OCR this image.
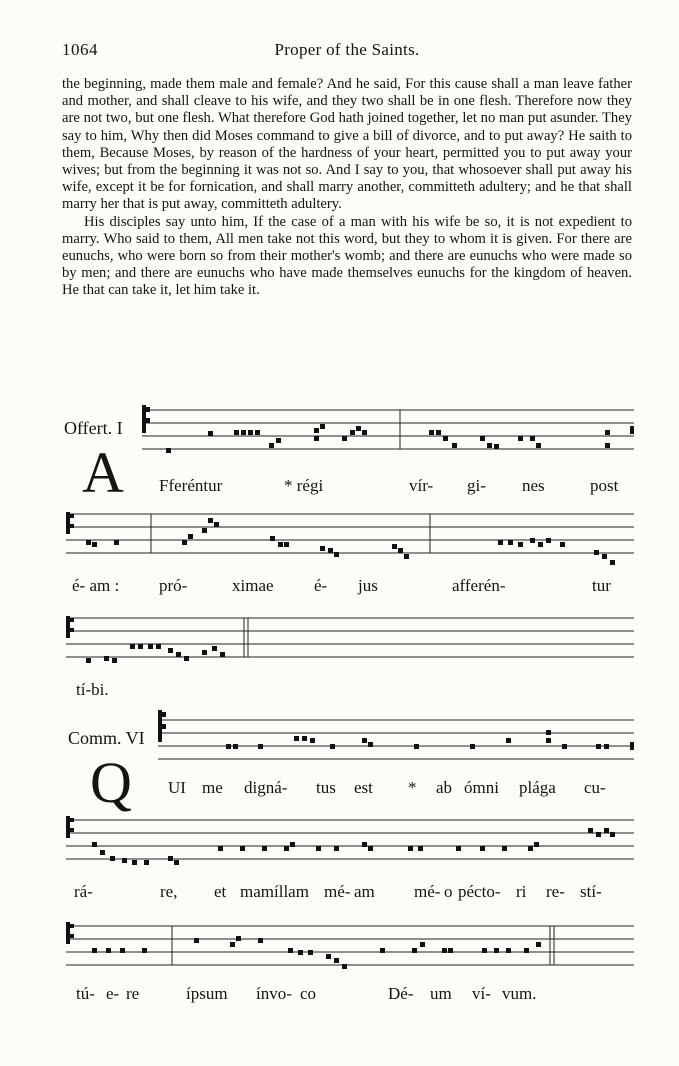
1064	Proper of the Saints.

the beginning, made them male and female? And he said, For this cause shall a man leave father and mother, and shall cleave to his wife, and they two shall be in one flesh. Therefore now they are not two, but one flesh. What therefore God hath joined together, let no man put asunder. They say to him, Why then did Moses command to give a bill of divorce, and to put away? He saith to them, Because Moses, by reason of the hardness of your heart, permitted you to put away your wives; but from the beginning it was not so. And I say to you, that whosoever shall put away his wife, except it be for fornication, and shall marry another, committeth adultery; and he that shall marry her that is put away, committeth adultery.

His disciples say unto him, If the case of a man with his wife be so, it is not expedient to marry. Who said to them, All men take not this word, but they to whom it is given. For there are eunuchs, who were born so from their mother's womb; and there are eunuchs who were made so by men; and there are eunuchs who have made themselves eunuchs for the kingdom of heaven. He that can take it, let him take it.

Offert. I
A Fferéntur	* régi	vír- gi- nes	post
é- am : pró-	ximae é- jus	afferén-	tur
tí-bi.
Comm. VI
Q UI me digná- tus est * ab ómni plága cu-
rá-	re, et mamíllam mé- am mé- o pécto- ri re- stí-
tú- e- re	ípsum ínvo- co	Dé- um ví- vum.
